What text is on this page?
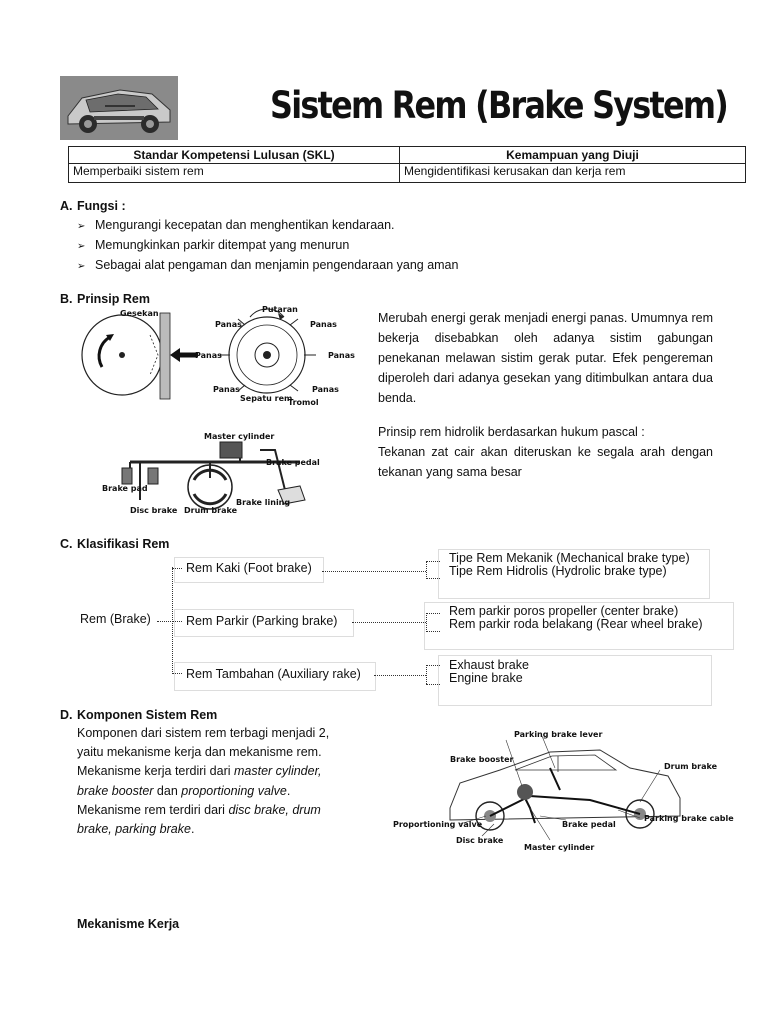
Sistem Rem (Brake System)
Standar Kompetensi Lulusan (SKL)	Kemampuan yang Diuji
Memperbaiki sistem rem	Mengidentifikasi kerusakan dan kerja rem
A. Fungsi :
➢ Mengurangi kecepatan dan menghentikan kendaraan.
➢ Memungkinkan parkir ditempat yang menurun
➢ Sebagai alat pengaman dan menjamin pengendaraan yang aman
B. Prinsip Rem
Gesekan	Putaran
Panas	Panas
Panas	Panas
Panas	Panas
Sepatu rem
Tromol
Master cylinder
Brake pedal
Brake pad
Brake lining
Disc brake Drum brake
Merubah energi gerak menjadi energi panas. Umumnya rem bekerja disebabkan oleh adanya sistim gabungan penekanan melawan sistim gerak putar. Efek pengereman diperoleh dari adanya gesekan yang ditimbulkan antara dua benda.
Prinsip rem hidrolik berdasarkan hukum pascal :
Tekanan zat cair akan diteruskan ke segala arah dengan tekanan yang sama besar
C. Klasifikasi Rem
Rem (Brake)
Rem Kaki (Foot brake)
Tipe Rem Mekanik (Mechanical brake type)
Tipe Rem Hidrolis (Hydrolic brake type)
Rem Parkir (Parking brake)
Rem parkir poros propeller (center brake)
Rem parkir roda belakang (Rear wheel brake)
Rem Tambahan (Auxiliary rake)
Exhaust brake
Engine brake
D. Komponen Sistem Rem
Komponen dari sistem rem terbagi menjadi 2,
yaitu mekanisme kerja dan mekanisme rem.
Mekanisme kerja terdiri dari master cylinder,
brake booster dan proportioning valve.
Mekanisme rem terdiri dari disc brake, drum
brake, parking brake.
Parking brake lever
Brake booster
Drum brake
Proportioning valve	Brake pedal
Parking brake cable
Disc brake
Master cylinder
Mekanisme Kerja
